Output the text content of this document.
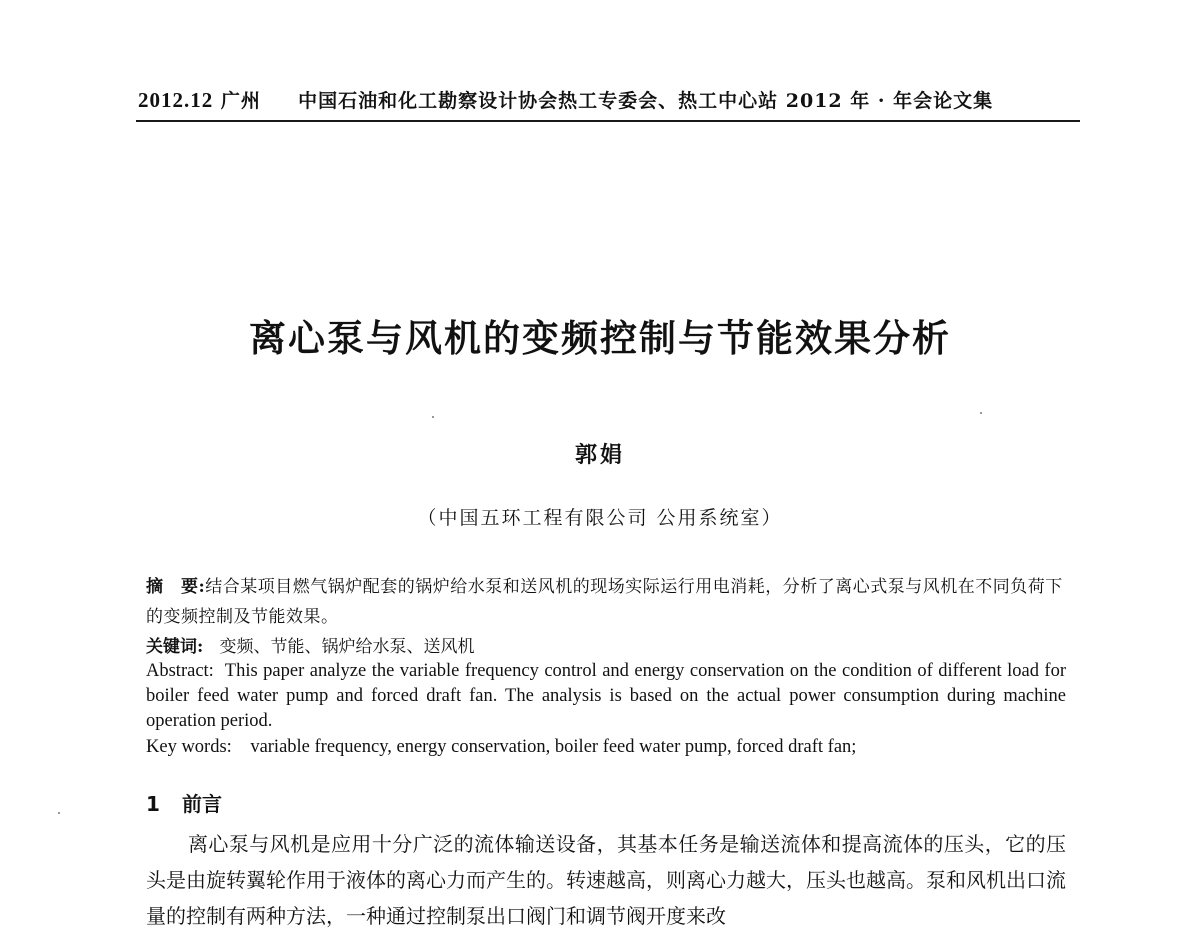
2012.12 广州 中国石油和化工勘察设计协会热工专委会、热工中心站 2012 年 · 年会论文集
离心泵与风机的变频控制与节能效果分析
郭娟
（中国五环工程有限公司 公用系统室）
摘　要:结合某项目燃气锅炉配套的锅炉给水泵和送风机的现场实际运行用电消耗，分析了离心式泵与风机在不同负荷下的变频控制及节能效果。
关键词: 变频、节能、锅炉给水泵、送风机
Abstract: This paper analyze the variable frequency control and energy conservation on the condition of different load for boiler feed water pump and forced draft fan. The analysis is based on the actual power consumption during machine operation period.
Key words: variable frequency, energy conservation, boiler feed water pump, forced draft fan;
1 前言
离心泵与风机是应用十分广泛的流体输送设备，其基本任务是输送流体和提高流体的压头，它的压头是由旋转翼轮作用于液体的离心力而产生的。转速越高，则离心力越大，压头也越高。泵和风机出口流量的控制有两种方法，一种通过控制泵出口阀门和调节阀开度来改
